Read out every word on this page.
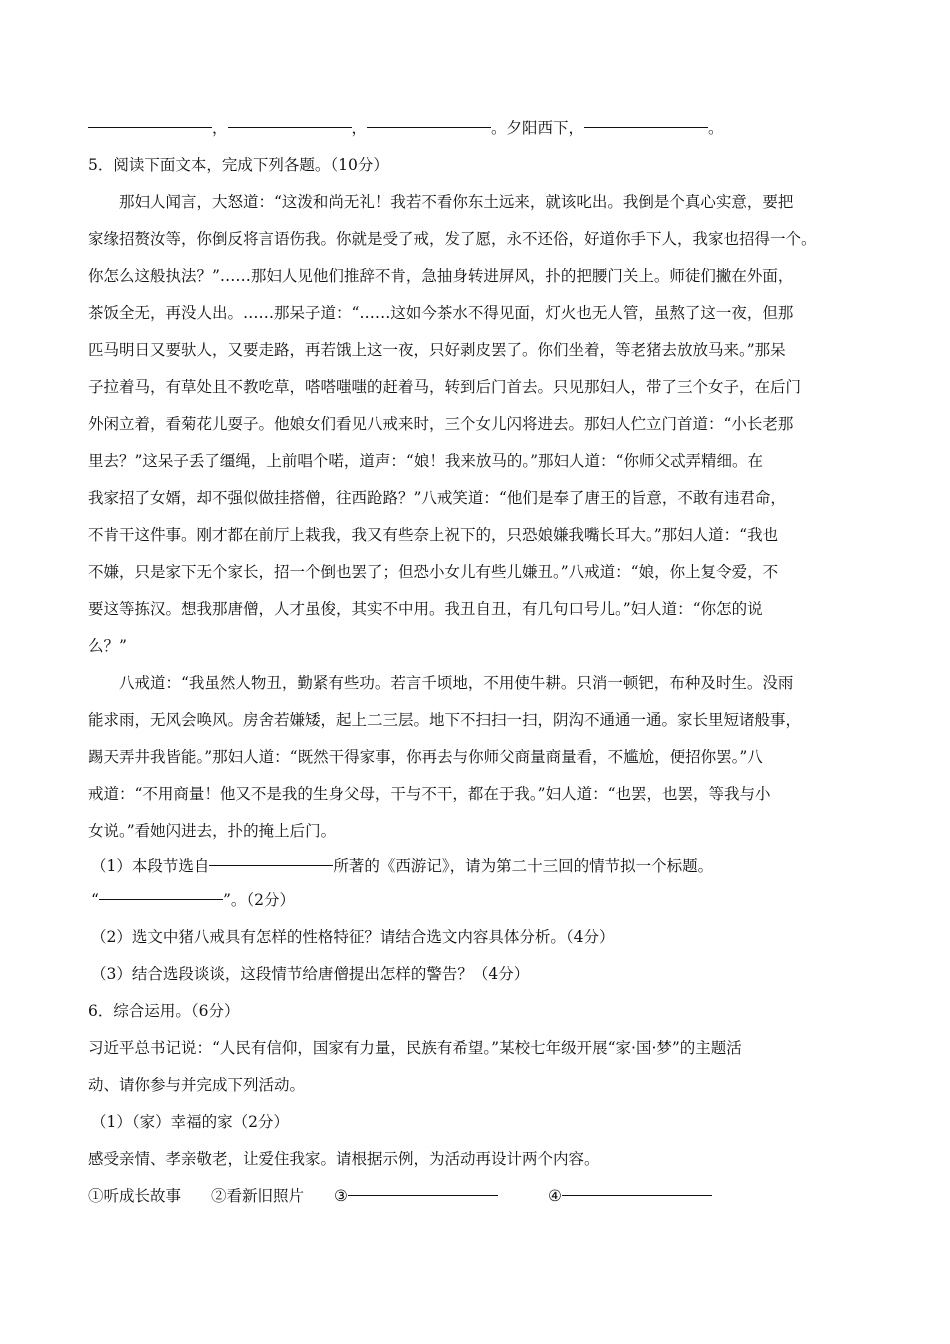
，	，	。夕阳西下，	。
5．阅读下面文本，完成下列各题。（10分）
那妇人闻言，大怒道：“这泼和尚无礼！我若不看你东土远来，就该叱出。我倒是个真心实意，要把
家缘招赘汝等，你倒反将言语伤我。你就是受了戒，发了愿，永不还俗，好道你手下人，我家也招得一个。
你怎么这般执法？”……那妇人见他们推辞不肯，急抽身转进屏风，扑的把腰门关上。师徒们撇在外面，
茶饭全无，再没人出。……那呆子道：“……这如今茶水不得见面，灯火也无人管，虽熬了这一夜，但那
匹马明日又要驮人，又要走路，再若饿上这一夜，只好剥皮罢了。你们坐着，等老猪去放放马来。”那呆
子拉着马，有草处且不教吃草，嗒嗒嗤嗤的赶着马，转到后门首去。只见那妇人，带了三个女子，在后门
外闲立着，看菊花儿耍子。他娘女们看见八戒来时，三个女儿闪将进去。那妇人伫立门首道：“小长老那
里去？”这呆子丢了缰绳，上前唱个喏，道声：“娘！我来放马的。”那妇人道：“你师父忒弄精细。在
我家招了女婿，却不强似做挂搭僧，往西跄路？”八戒笑道：“他们是奉了唐王的旨意，不敢有违君命，
不肯干这件事。刚才都在前厅上栽我，我又有些奈上祝下的，只恐娘嫌我嘴长耳大。”那妇人道：“我也
不嫌，只是家下无个家长，招一个倒也罢了；但恐小女儿有些儿嫌丑。”八戒道：“娘，你上复令爱，不
要这等拣汉。想我那唐僧，人才虽俊，其实不中用。我丑自丑，有几句口号儿。”妇人道：“你怎的说
么？”
八戒道：“我虽然人物丑，勤紧有些功。若言千顷地，不用使牛耕。只消一顿钯，布种及时生。没雨
能求雨，无风会唤风。房舍若嫌矮，起上二三层。地下不扫扫一扫，阴沟不通通一通。家长里短诸般事，
踢天弄井我皆能。”那妇人道：“既然干得家事，你再去与你师父商量商量看，不尴尬，便招你罢。”八
戒道：“不用商量！他又不是我的生身父母，干与不干，都在于我。”妇人道：“也罢，也罢，等我与小
女说。”看她闪进去，扑的掩上后门。
（1）本段节选自	所著的《西游记》，请为第二十三回的情节拟一个标题。
“	”。（2分）
（2）选文中猪八戒具有怎样的性格特征？请结合选文内容具体分析。（4分）
（3）结合选段谈谈，这段情节给唐僧提出怎样的警告？（4分）
6．综合运用。（6分）
习近平总书记说：“人民有信仰，国家有力量，民族有希望。”某校七年级开展“家·国·梦”的主题活
动、请你参与并完成下列活动。
（1）（家）幸福的家（2分）
感受亲情、孝亲敬老，让爱住我家。请根据示例，为活动再设计两个内容。
①听成长故事 ②看新旧照片 ③	④
